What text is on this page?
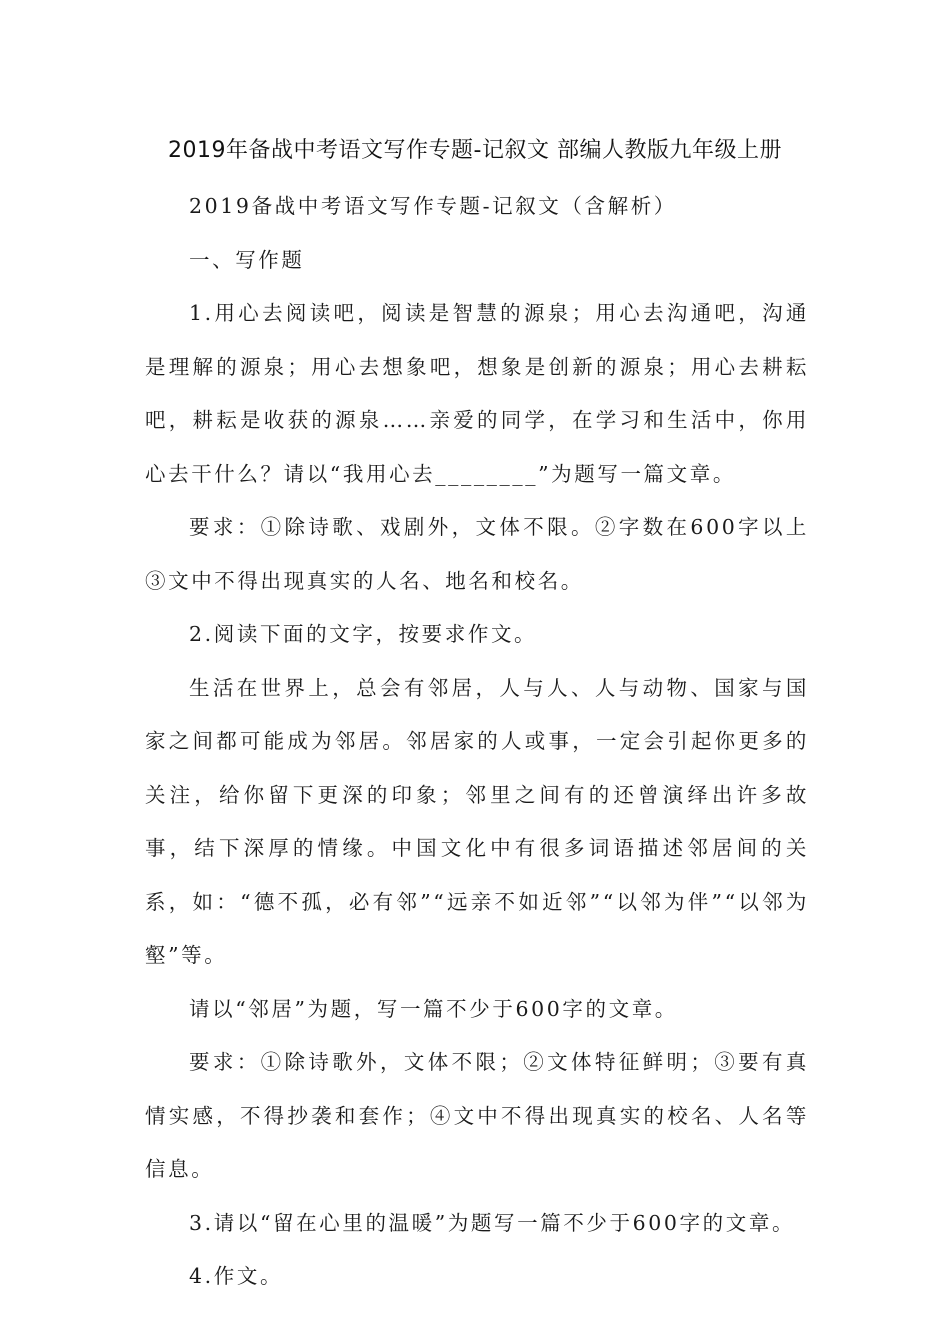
2019年备战中考语文写作专题-记叙文 部编人教版九年级上册

2019备战中考语文写作专题-记叙文（含解析）

一、写作题

1.用心去阅读吧，阅读是智慧的源泉；用心去沟通吧，沟通是理解的源泉；用心去想象吧，想象是创新的源泉；用心去耕耘吧，耕耘是收获的源泉……亲爱的同学，在学习和生活中，你用心去干什么？请以“我用心去________”为题写一篇文章。

要求：①除诗歌、戏剧外，文体不限。②字数在600字以上③文中不得出现真实的人名、地名和校名。

2.阅读下面的文字，按要求作文。

生活在世界上，总会有邻居，人与人、人与动物、国家与国家之间都可能成为邻居。邻居家的人或事，一定会引起你更多的关注，给你留下更深的印象；邻里之间有的还曾演绎出许多故事，结下深厚的情缘。中国文化中有很多词语描述邻居间的关系，如：“德不孤，必有邻”“远亲不如近邻”“以邻为伴”“以邻为壑”等。

请以“邻居”为题，写一篇不少于600字的文章。

要求：①除诗歌外，文体不限；②文体特征鲜明；③要有真情实感，不得抄袭和套作；④文中不得出现真实的校名、人名等信息。

3.请以“留在心里的温暖”为题写一篇不少于600字的文章。

4.作文。
